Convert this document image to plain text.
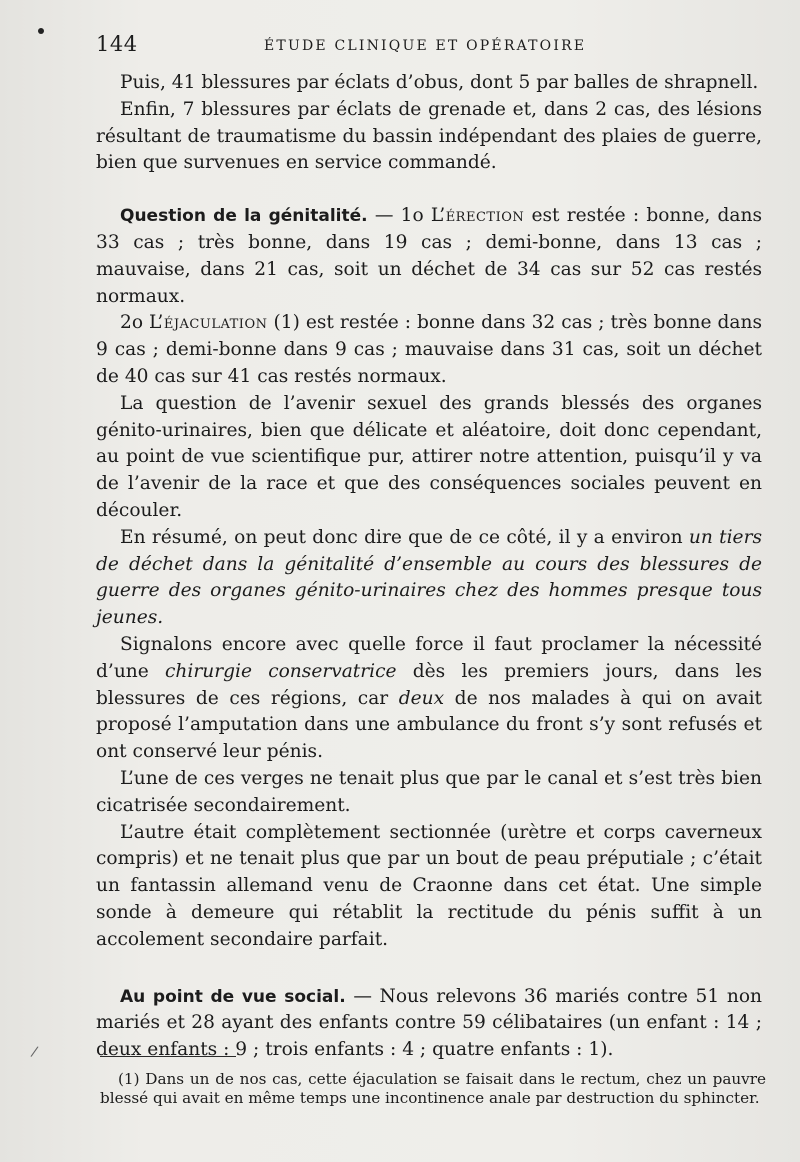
144	ÉTUDE CLINIQUE ET OPÉRATOIRE

Puis, 41 blessures par éclats d’obus, dont 5 par balles de shrapnell.

Enfin, 7 blessures par éclats de grenade et, dans 2 cas, des lésions résultant de traumatisme du bassin indépendant des plaies de guerre, bien que survenues en service commandé.

Question de la génitalité. — 1o L’érection est restée : bonne, dans 33 cas ; très bonne, dans 19 cas ; demi-bonne, dans 13 cas ; mauvaise, dans 21 cas, soit un déchet de 34 cas sur 52 cas restés normaux.

2o L’éjaculation (1) est restée : bonne dans 32 cas ; très bonne dans 9 cas ; demi-bonne dans 9 cas ; mauvaise dans 31 cas, soit un déchet de 40 cas sur 41 cas restés normaux.

La question de l’avenir sexuel des grands blessés des organes génito-urinaires, bien que délicate et aléatoire, doit donc cependant, au point de vue scientifique pur, attirer notre attention, puisqu’il y va de l’avenir de la race et que des conséquences sociales peuvent en découler.

En résumé, on peut donc dire que de ce côté, il y a environ un tiers de déchet dans la génitalité d’ensemble au cours des blessures de guerre des organes génito-urinaires chez des hommes presque tous jeunes.

Signalons encore avec quelle force il faut proclamer la nécessité d’une chirurgie conservatrice dès les premiers jours, dans les blessures de ces régions, car deux de nos malades à qui on avait proposé l’amputation dans une ambulance du front s’y sont refusés et ont conservé leur pénis.

L’une de ces verges ne tenait plus que par le canal et s’est très bien cicatrisée secondairement.

L’autre était complètement sectionnée (urètre et corps caverneux compris) et ne tenait plus que par un bout de peau préputiale ; c’était un fantassin allemand venu de Craonne dans cet état. Une simple sonde à demeure qui rétablit la rectitude du pénis suffit à un accolement secondaire parfait.

Au point de vue social. — Nous relevons 36 mariés contre 51 non mariés et 28 ayant des enfants contre 59 célibataires (un enfant : 14 ; deux enfants : 9 ; trois enfants : 4 ; quatre enfants : 1).

/
(1) Dans un de nos cas, cette éjaculation se faisait dans le rectum, chez un pauvre blessé qui avait en même temps une incontinence anale par destruction du sphincter.
